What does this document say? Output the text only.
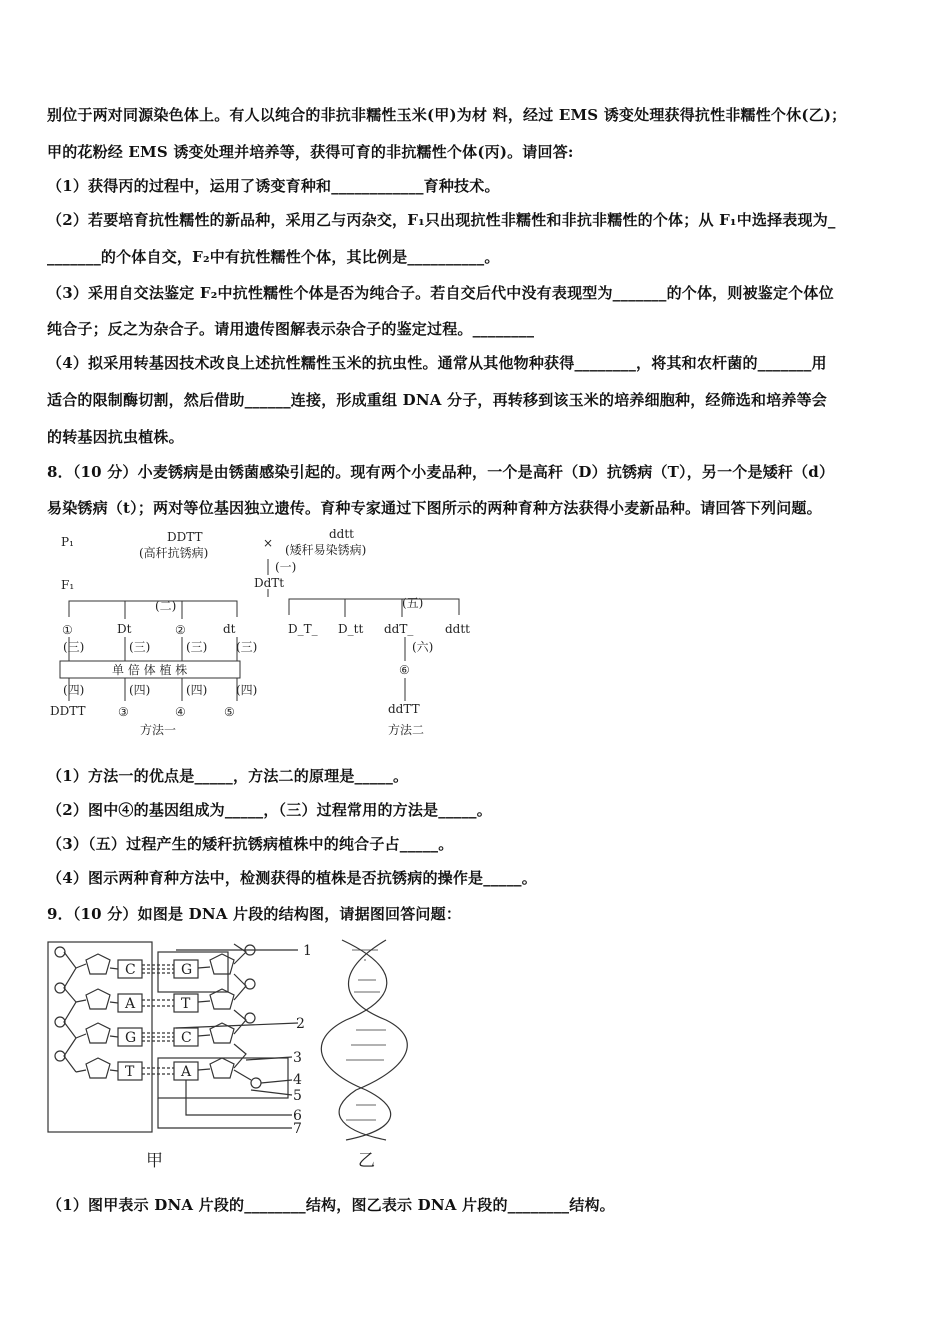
别位于两对同源染色体上。有人以纯合的非抗非糯性玉米(甲)为材 料，经过 EMS 诱变处理获得抗性非糯性个休(乙)；
甲的花粉经 EMS 诱变处理并培养等，获得可育的非抗糯性个体(丙)。请回答:
（1）获得丙的过程中，运用了诱变育种和____________育种技术。
（2）若要培育抗性糯性的新品种，采用乙与丙杂交，F₁只出现抗性非糯性和非抗非糯性的个体；从 F₁中选择表现为_
_______的个体自交，F₂中有抗性糯性个体，其比例是__________。
（3）采用自交法鉴定 F₂中抗性糯性个体是否为纯合子。若自交后代中没有表现型为_______的个体，则被鉴定个体位
纯合子；反之为杂合子。请用遗传图解表示杂合子的鉴定过程。________
（4）拟采用转基因技术改良上述抗性糯性玉米的抗虫性。通常从其他物种获得________，将其和农杆菌的_______用
适合的限制酶切割，然后借助______连接，形成重组 DNA 分子，再转移到该玉米的培养细胞种，经筛选和培养等会
的转基因抗虫植株。
8．（10 分）小麦锈病是由锈菌感染引起的。现有两个小麦品种，一个是高秆（D）抗锈病（T），另一个是矮秆（d）
易染锈病（t）；两对等位基因独立遗传。育种专家通过下图所示的两种育种方法获得小麦新品种。请回答下列问题。
P₁	DDTT
(高秆抗锈病)
×
ddtt
(矮秆易染锈病)
(一)
F₁	DdTt
(二)	(五)
①	Dt	②	dt
(三)	(三)	(三) (三)
单 倍 体 植 株
(四)	(四)	(四) (四)
DDTT	③	④	⑤
方法一
D_T_ D_tt ddT_	ddtt
(六)
⑥
ddTT
方法二
（1）方法一的优点是_____，方法二的原理是_____。
（2）图中④的基因组成为_____，（三）过程常用的方法是_____。
（3）（五）过程产生的矮秆抗锈病植株中的纯合子占_____。
（4）图示两种育种方法中，检测获得的植株是否抗锈病的操作是_____。
9．（10 分）如图是 DNA 片段的结构图，请据图回答问题：
C
A
G
T
G
T
C
A
1
2
3
4
5
6
7
甲	乙
（1）图甲表示 DNA 片段的________结构，图乙表示 DNA 片段的________结构。
